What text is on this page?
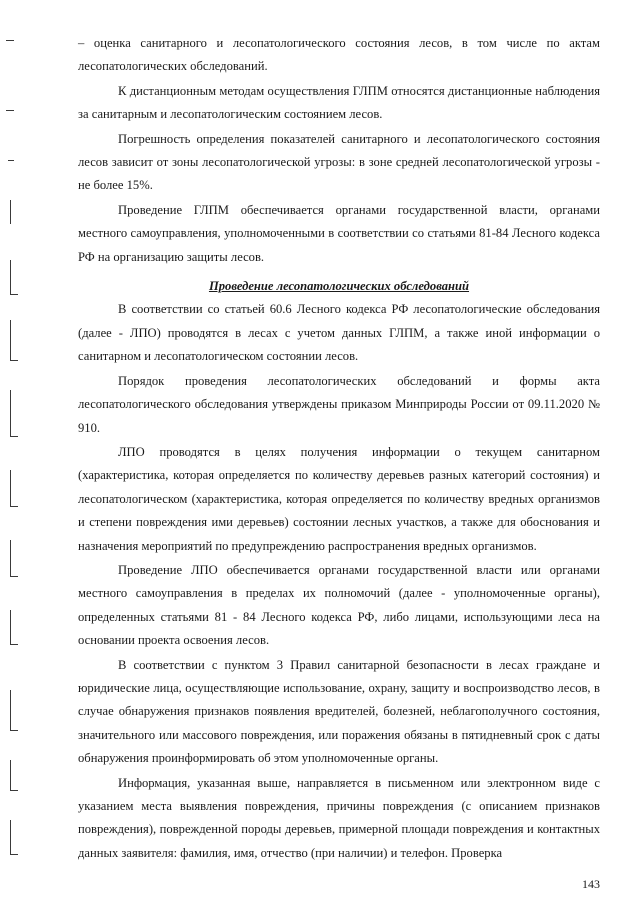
– оценка санитарного и лесопатологического состояния лесов, в том числе по актам лесопатологических обследований.

К дистанционным методам осуществления ГЛПМ относятся дистанционные наблюдения за санитарным и лесопатологическим состоянием лесов.

Погрешность определения показателей санитарного и лесопатологического состояния лесов зависит от зоны лесопатологической угрозы: в зоне средней лесопатологической угрозы - не более 15%.

Проведение ГЛПМ обеспечивается органами государственной власти, органами местного самоуправления, уполномоченными в соответствии со статьями 81-84 Лесного кодекса РФ на организацию защиты лесов.

Проведение лесопатологических обследований

В соответствии со статьей 60.6 Лесного кодекса РФ лесопатологические обследования (далее - ЛПО) проводятся в лесах с учетом данных ГЛПМ, а также иной информации о санитарном и лесопатологическом состоянии лесов.

Порядок проведения лесопатологических обследований и формы акта лесопатологического обследования утверждены приказом Минприроды России от 09.11.2020 № 910.

ЛПО проводятся в целях получения информации о текущем санитарном (характеристика, которая определяется по количеству деревьев разных категорий состояния) и лесопатологическом (характеристика, которая определяется по количеству вредных организмов и степени повреждения ими деревьев) состоянии лесных участков, а также для обоснования и назначения мероприятий по предупреждению распространения вредных организмов.

Проведение ЛПО обеспечивается органами государственной власти или органами местного самоуправления в пределах их полномочий (далее - уполномоченные органы), определенных статьями 81 - 84 Лесного кодекса РФ, либо лицами, использующими леса на основании проекта освоения лесов.

В соответствии с пунктом 3 Правил санитарной безопасности в лесах граждане и юридические лица, осуществляющие использование, охрану, защиту и воспроизводство лесов, в случае обнаружения признаков появления вредителей, болезней, неблагополучного состояния, значительного или массового повреждения, или поражения обязаны в пятидневный срок с даты обнаружения проинформировать об этом уполномоченные органы.

Информация, указанная выше, направляется в письменном или электронном виде с указанием места выявления повреждения, причины повреждения (с описанием признаков повреждения), поврежденной породы деревьев, примерной площади повреждения и контактных данных заявителя: фамилия, имя, отчество (при наличии) и телефон. Проверка

143
